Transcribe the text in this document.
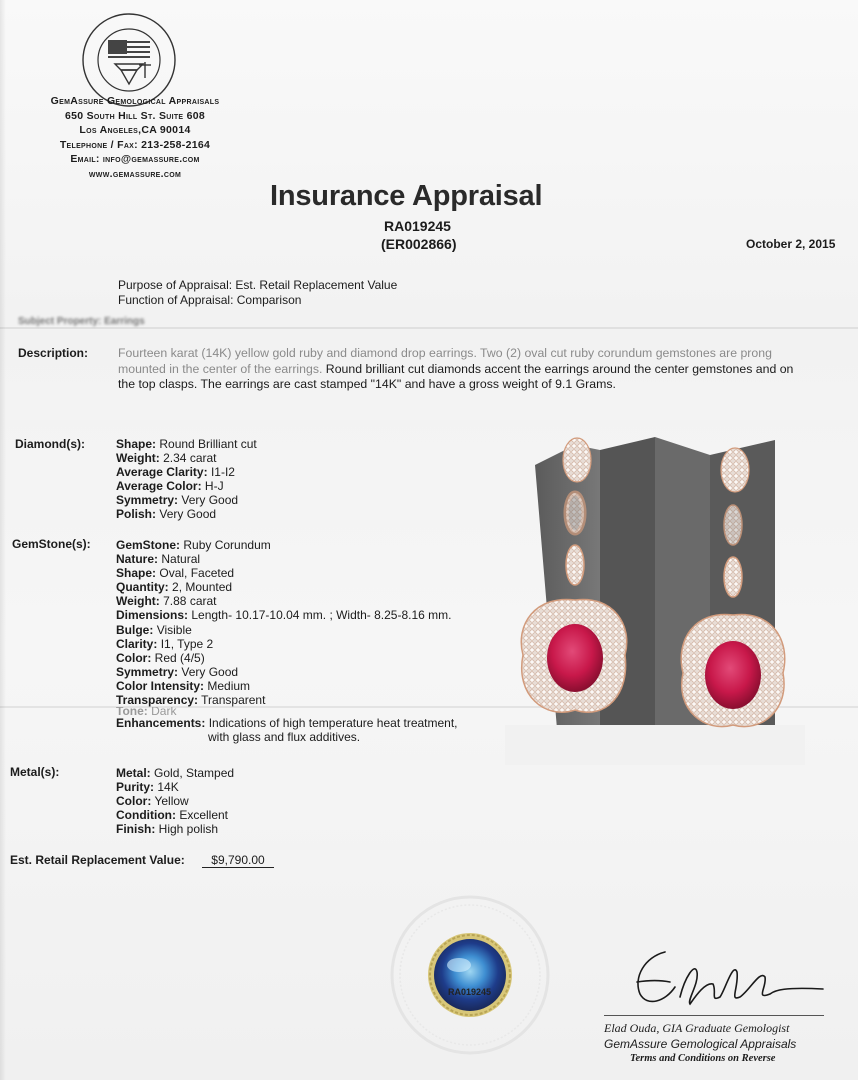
GemAssure Gemological Appraisals
650 South Hill St. Suite 608
Los Angeles,CA 90014
Telephone / Fax: 213-258-2164
Email: info@gemassure.com
www.gemassure.com
Insurance Appraisal
RA019245
(ER002866)	October 2, 2015
Purpose of Appraisal: Est. Retail Replacement Value
Function of Appraisal: Comparison
Subject Property: Earrings
Description: Fourteen karat (14K) yellow gold ruby and diamond drop earrings. Two (2) oval cut ruby corundum gemstones are prong mounted in the center of the earrings. Round brilliant cut diamonds accent the earrings around the center gemstones and on the top clasps. The earrings are cast stamped "14K" and have a gross weight of 9.1 Grams.
Diamond(s):	Shape: Round Brilliant cut
Weight: 2.34 carat
Average Clarity: I1-I2
Average Color: H-J
Symmetry: Very Good
Polish: Very Good
GemStone(s): GemStone: Ruby Corundum
Nature: Natural
Shape: Oval, Faceted
Quantity: 2, Mounted
Weight: 7.88 carat
Dimensions: Length- 10.17-10.04 mm. ; Width- 8.25-8.16 mm.
Bulge: Visible
Clarity: I1, Type 2
Color: Red (4/5)
Symmetry: Very Good
Color Intensity: Medium
Transparency: Transparent
Tone: Dark
Enhancements: Indications of high temperature heat treatment,
with glass and flux additives.
Metal(s):	Metal: Gold, Stamped
Purity: 14K
Color: Yellow
Condition: Excellent
Finish: High polish
Est. Retail Replacement Value:	$9,790.00
RA019245
Elad Ouda, GIA Graduate Gemologist
GemAssure Gemological Appraisals
Terms and Conditions on Reverse
